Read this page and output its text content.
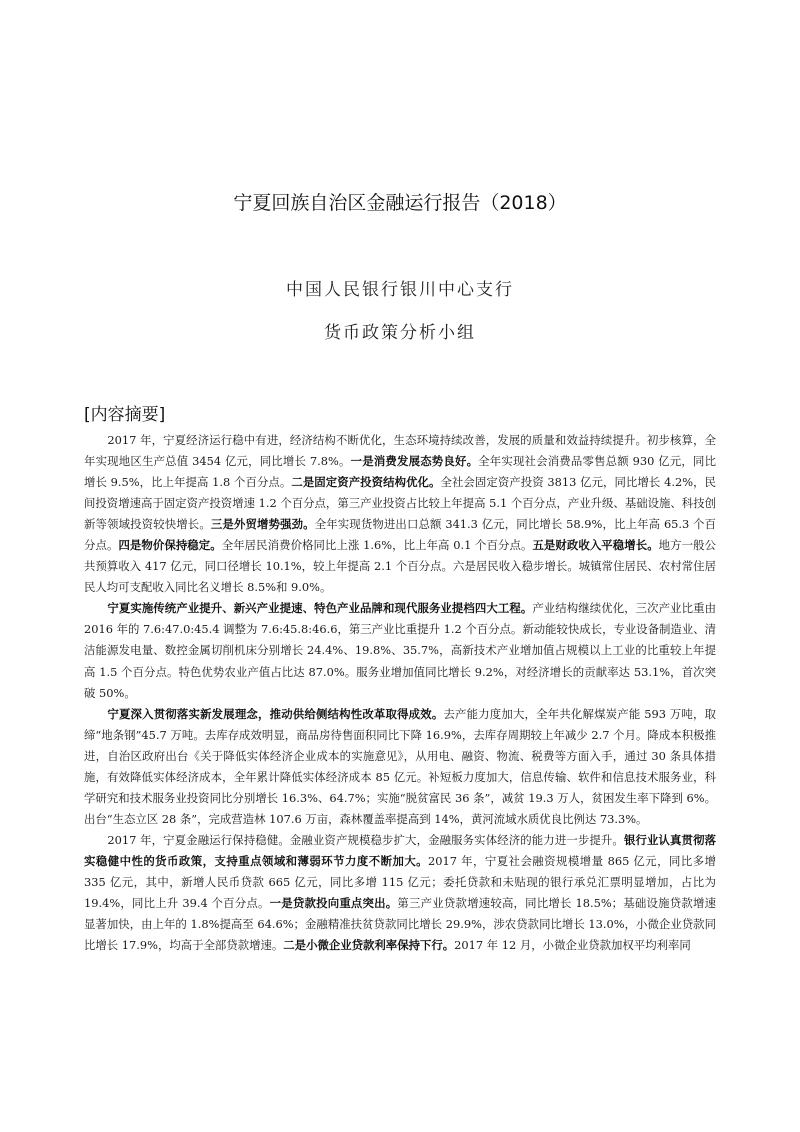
宁夏回族自治区金融运行报告（2018）
中国人民银行银川中心支行
货币政策分析小组
[内容摘要]

2017 年，宁夏经济运行稳中有进，经济结构不断优化，生态环境持续改善，发展的质量和效益持续提升。初步核算，全年实现地区生产总值 3454 亿元，同比增长 7.8%。一是消费发展态势良好。全年实现社会消费品零售总额 930 亿元，同比增长 9.5%，比上年提高 1.8 个百分点。二是固定资产投资结构优化。全社会固定资产投资 3813 亿元，同比增长 4.2%，民间投资增速高于固定资产投资增速 1.2 个百分点，第三产业投资占比较上年提高 5.1 个百分点，产业升级、基础设施、科技创新等领域投资较快增长。三是外贸增势强劲。全年实现货物进出口总额 341.3 亿元，同比增长 58.9%，比上年高 65.3 个百分点。四是物价保持稳定。全年居民消费价格同比上涨 1.6%，比上年高 0.1 个百分点。五是财政收入平稳增长。地方一般公共预算收入 417 亿元，同口径增长 10.1%，较上年提高 2.1 个百分点。六是居民收入稳步增长。城镇常住居民、农村常住居民人均可支配收入同比名义增长 8.5%和 9.0%。

宁夏实施传统产业提升、新兴产业提速、特色产业品牌和现代服务业提档四大工程。产业结构继续优化，三次产业比重由 2016 年的 7.6:47.0:45.4 调整为 7.6:45.8:46.6，第三产业比重提升 1.2 个百分点。新动能较快成长，专业设备制造业、清洁能源发电量、数控金属切削机床分别增长 24.4%、19.8%、35.7%，高新技术产业增加值占规模以上工业的比重较上年提高 1.5 个百分点。特色优势农业产值占比达 87.0%。服务业增加值同比增长 9.2%，对经济增长的贡献率达 53.1%，首次突破 50%。

宁夏深入贯彻落实新发展理念，推动供给侧结构性改革取得成效。去产能力度加大，全年共化解煤炭产能 593 万吨，取缔“地条钢”45.7 万吨。去库存成效明显，商品房待售面积同比下降 16.9%，去库存周期较上年减少 2.7 个月。降成本积极推进，自治区政府出台《关于降低实体经济企业成本的实施意见》，从用电、融资、物流、税费等方面入手，通过 30 条具体措施，有效降低实体经济成本，全年累计降低实体经济成本 85 亿元。补短板力度加大，信息传输、软件和信息技术服务业，科学研究和技术服务业投资同比分别增长 16.3%、64.7%；实施“脱贫富民 36 条”，减贫 19.3 万人，贫困发生率下降到 6%。出台“生态立区 28 条”，完成营造林 107.6 万亩，森林覆盖率提高到 14%，黄河流域水质优良比例达 73.3%。

2017 年，宁夏金融运行保持稳健。金融业资产规模稳步扩大，金融服务实体经济的能力进一步提升。银行业认真贯彻落实稳健中性的货币政策，支持重点领域和薄弱环节力度不断加大。2017 年，宁夏社会融资规模增量 865 亿元，同比多增 335 亿元，其中，新增人民币贷款 665 亿元，同比多增 115 亿元；委托贷款和未贴现的银行承兑汇票明显增加，占比为 19.4%，同比上升 39.4 个百分点。一是贷款投向重点突出。第三产业贷款增速较高，同比增长 18.5%；基础设施贷款增速显著加快，由上年的 1.8%提高至 64.6%；金融精准扶贫贷款同比增长 29.9%，涉农贷款同比增长 13.0%，小微企业贷款同比增长 17.9%，均高于全部贷款增速。二是小微企业贷款利率保持下行。2017 年 12 月，小微企业贷款加权平均利率同
